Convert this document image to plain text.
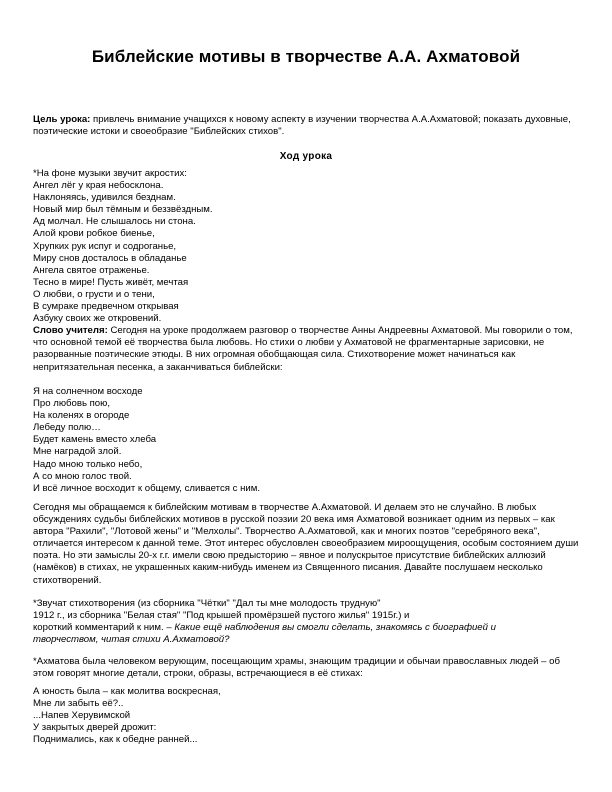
Библейские мотивы в творчестве А.А. Ахматовой

Цель урока: привлечь внимание учащихся к новому аспекту в изучении творчества А.А.Ахматовой; показать духовные, поэтические истоки и своеобразие "Библейских стихов".

Ход урока
*На фоне музыки звучит акростих:
Ангел лёг у края небосклона.
Наклоняясь, удивился безднам.
Новый мир был тёмным и беззвёздным.
Ад молчал. Не слышалось ни стона.
Алой крови робкое биенье,
Хрупких рук испуг и содроганье,
Миру снов досталось в обладанье
Ангела святое отраженье.
Тесно в мире! Пусть живёт, мечтая
О любви, о грусти и о тени,
В сумраке предвечном открывая
Азбуку своих же откровений.

Слово учителя: Сегодня на уроке продолжаем разговор о творчестве Анны Андреевны Ахматовой. Мы говорили о том, что основной темой её творчества была любовь. Но стихи о любви у Ахматовой не фрагментарные зарисовки, не разорванные поэтические этюды. В них огромная обобщающая сила. Стихотворение может начинаться как непритязательная песенка, а заканчиваться библейски:

Я на солнечном восходе
Про любовь пою,
На коленях в огороде
Лебеду полю…
Будет камень вместо хлеба
Мне наградой злой.
Надо мною только небо,
А со мною голос твой.
И всё личное восходит к общему, сливается с ним.

Сегодня мы обращаемся к библейским мотивам в творчестве А.Ахматовой. И делаем это не случайно. В любых обсуждениях судьбы библейских мотивов в русской поэзии 20 века имя Ахматовой возникает одним из первых – как автора "Рахили", "Лотовой жены" и "Мелхолы". Творчество А.Ахматовой, как и многих поэтов "серебряного века", отличается интересом к данной теме. Этот интерес обусловлен своеобразием мироощущения, особым состоянием души поэта. Но эти замыслы 20-х г.г. имели свою предысторию – явное и полускрытое присутствие библейских аллюзий (намёков) в стихах, не украшенных каким-нибудь именем из Священного писания. Давайте послушаем несколько стихотворений.

*Звучат стихотворения (из сборника "Чётки" "Дал ты мне молодость трудную"
1912 г., из сборника "Белая стая" "Под крышей промёрзшей пустого жилья" 1915г.) и
короткий комментарий к ним. – Какие ещё наблюдения вы смогли сделать, знакомясь с биографией и
творчеством, читая стихи А.Ахматовой?

*Ахматова была человеком верующим, посещающим храмы, знающим традиции и обычаи православных людей – об этом говорят многие детали, строки, образы, встречающиеся в её стихах:

А юность была – как молитва воскресная,
Мне ли забыть её?..
...Напев Херувимской
У закрытых дверей дрожит:
Поднимались, как к обедне ранней...
